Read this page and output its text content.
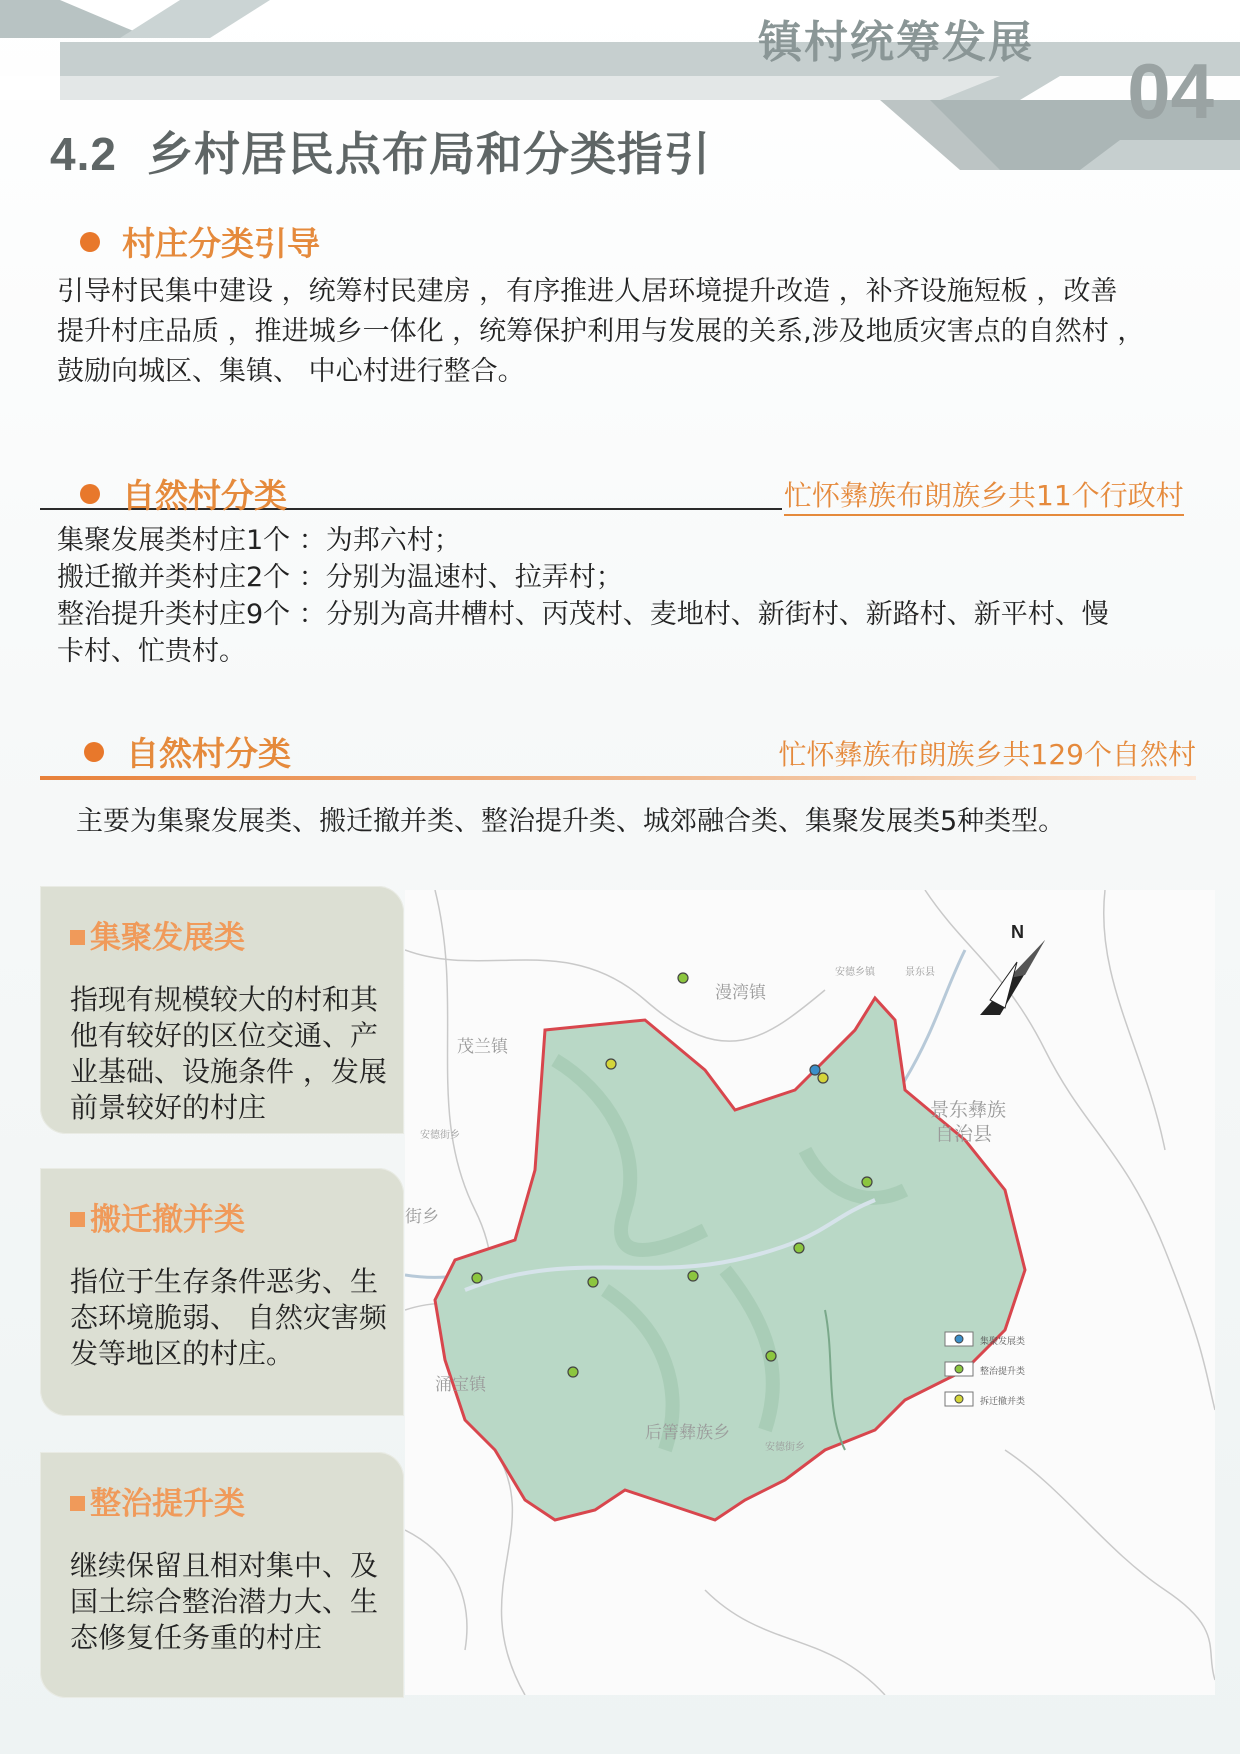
镇村统筹发展
04
4.2 乡村居民点布局和分类指引
村庄分类引导
引导村民集中建设 ，统筹村民建房 ，有序推进人居环境提升改造 ，补齐设施短板 ，改善
提升村庄品质 ，推进城乡一体化 ，统筹保护利用与发展的关系,涉及地质灾害点的自然村 ，
鼓励向城区、集镇、 中心村进行整合。
自然村分类	忙怀彝族布朗族乡共11个行政村
集聚发展类村庄1个 ：为邦六村；
搬迁撤并类村庄2个 ：分别为温速村、拉弄村；
整治提升类村庄9个 ：分别为高井槽村、丙茂村、麦地村、新街村、新路村、新平村、慢
卡村、忙贵村。
自然村分类	忙怀彝族布朗族乡共129个自然村
主要为集聚发展类、搬迁撤并类、整治提升类、城郊融合类、集聚发展类5种类型。
集聚发展类
指现有规模较大的村和其
他有较好的区位交通、产
业基础、设施条件 ，发展
前景较好的村庄
搬迁撤并类
指位于生存条件恶劣、生
态环境脆弱、 自然灾害频
发等地区的村庄。
整治提升类
继续保留且相对集中、及
国土综合整治潜力大、生
态修复任务重的村庄
安德乡镇
漫湾镇
景东彝族
自治县
茂兰镇
街乡
涌宝镇
后箐彝族乡
景东县
安德街乡
安德街乡
N
集聚发展类
整治提升类
拆迁撤并类
